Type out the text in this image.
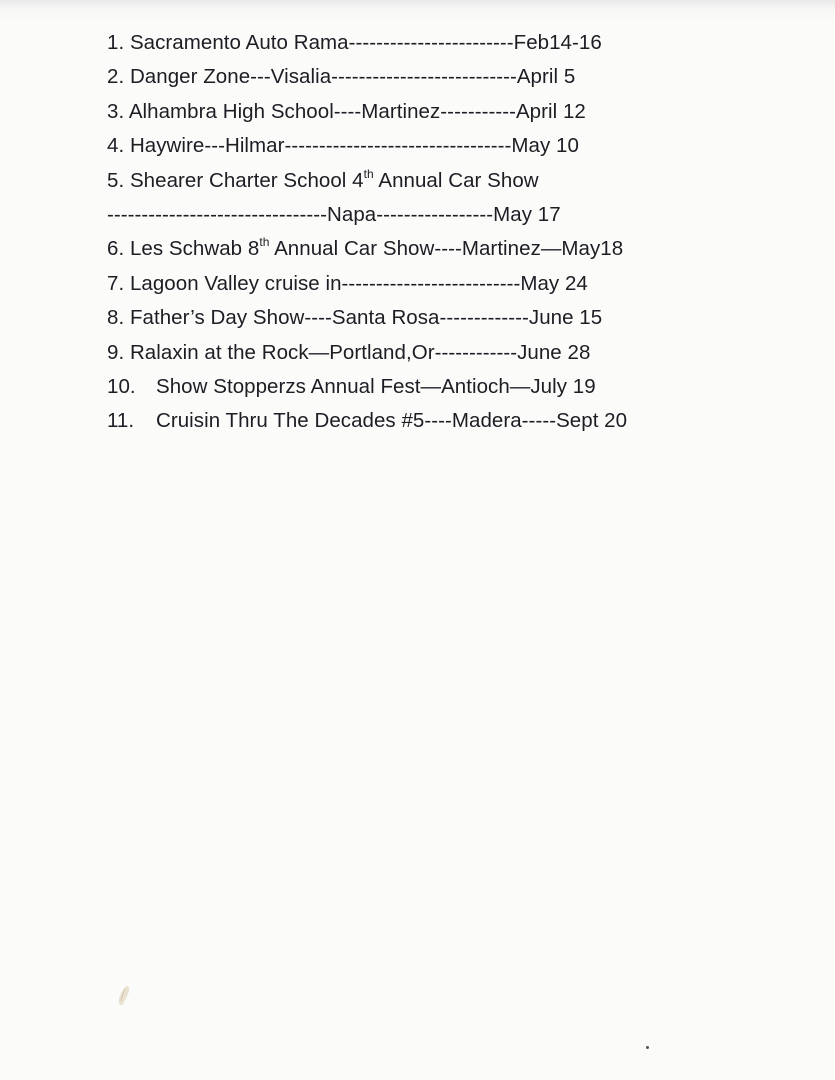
1. Sacramento Auto Rama------------------------Feb14-16
2. Danger Zone---Visalia---------------------------April 5
3. Alhambra High School----Martinez-----------April 12
4. Haywire---Hilmar---------------------------------May 10
5. Shearer Charter School 4th Annual Car Show
--------------------------------Napa-----------------May 17
6. Les Schwab 8th Annual Car Show----Martinez—May18
7. Lagoon Valley cruise in--------------------------May 24
8. Father’s Day Show----Santa Rosa-------------June 15
9. Ralaxin at the Rock—Portland,Or------------June 28
10. Show Stopperzs Annual Fest—Antioch—July 19
11. Cruisin Thru The Decades #5----Madera-----Sept 20
